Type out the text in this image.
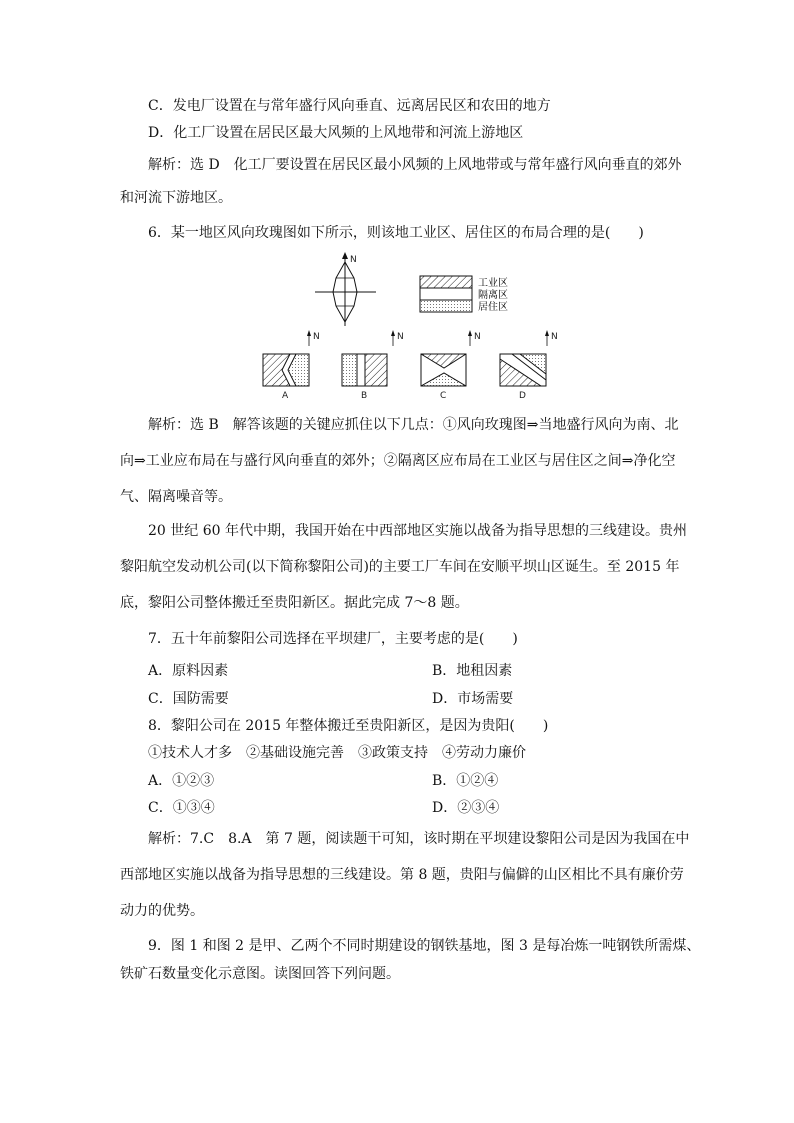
C．发电厂设置在与常年盛行风向垂直、远离居民区和农田的地方
D．化工厂设置在居民区最大风频的上风地带和河流上游地区
解析：选 D　化工厂要设置在居民区最小风频的上风地带或与常年盛行风向垂直的郊外
和河流下游地区。
6．某一地区风向玫瑰图如下所示，则该地工业区、居住区的布局合理的是(　　)
N
工业区
隔离区
居住区
N	N	N	N
A	B	C	D
解析：选 B　解答该题的关键应抓住以下几点：①风向玫瑰图⇒当地盛行风向为南、北
向⇒工业应布局在与盛行风向垂直的郊外；②隔离区应布局在工业区与居住区之间⇒净化空
气、隔离噪音等。
20 世纪 60 年代中期，我国开始在中西部地区实施以战备为指导思想的三线建设。贵州
黎阳航空发动机公司(以下简称黎阳公司)的主要工厂车间在安顺平坝山区诞生。至 2015 年
底，黎阳公司整体搬迁至贵阳新区。据此完成 7～8 题。
7．五十年前黎阳公司选择在平坝建厂，主要考虑的是(　　)
A．原料因素	B．地租因素
C．国防需要	D．市场需要
8．黎阳公司在 2015 年整体搬迁至贵阳新区，是因为贵阳(　　)
①技术人才多　②基础设施完善　③政策支持　④劳动力廉价
A．①②③	B．①②④
C．①③④	D．②③④
解析：7.C　8.A　第 7 题，阅读题干可知，该时期在平坝建设黎阳公司是因为我国在中
西部地区实施以战备为指导思想的三线建设。第 8 题，贵阳与偏僻的山区相比不具有廉价劳
动力的优势。
9．图 1 和图 2 是甲、乙两个不同时期建设的钢铁基地，图 3 是每冶炼一吨钢铁所需煤、
铁矿石数量变化示意图。读图回答下列问题。
